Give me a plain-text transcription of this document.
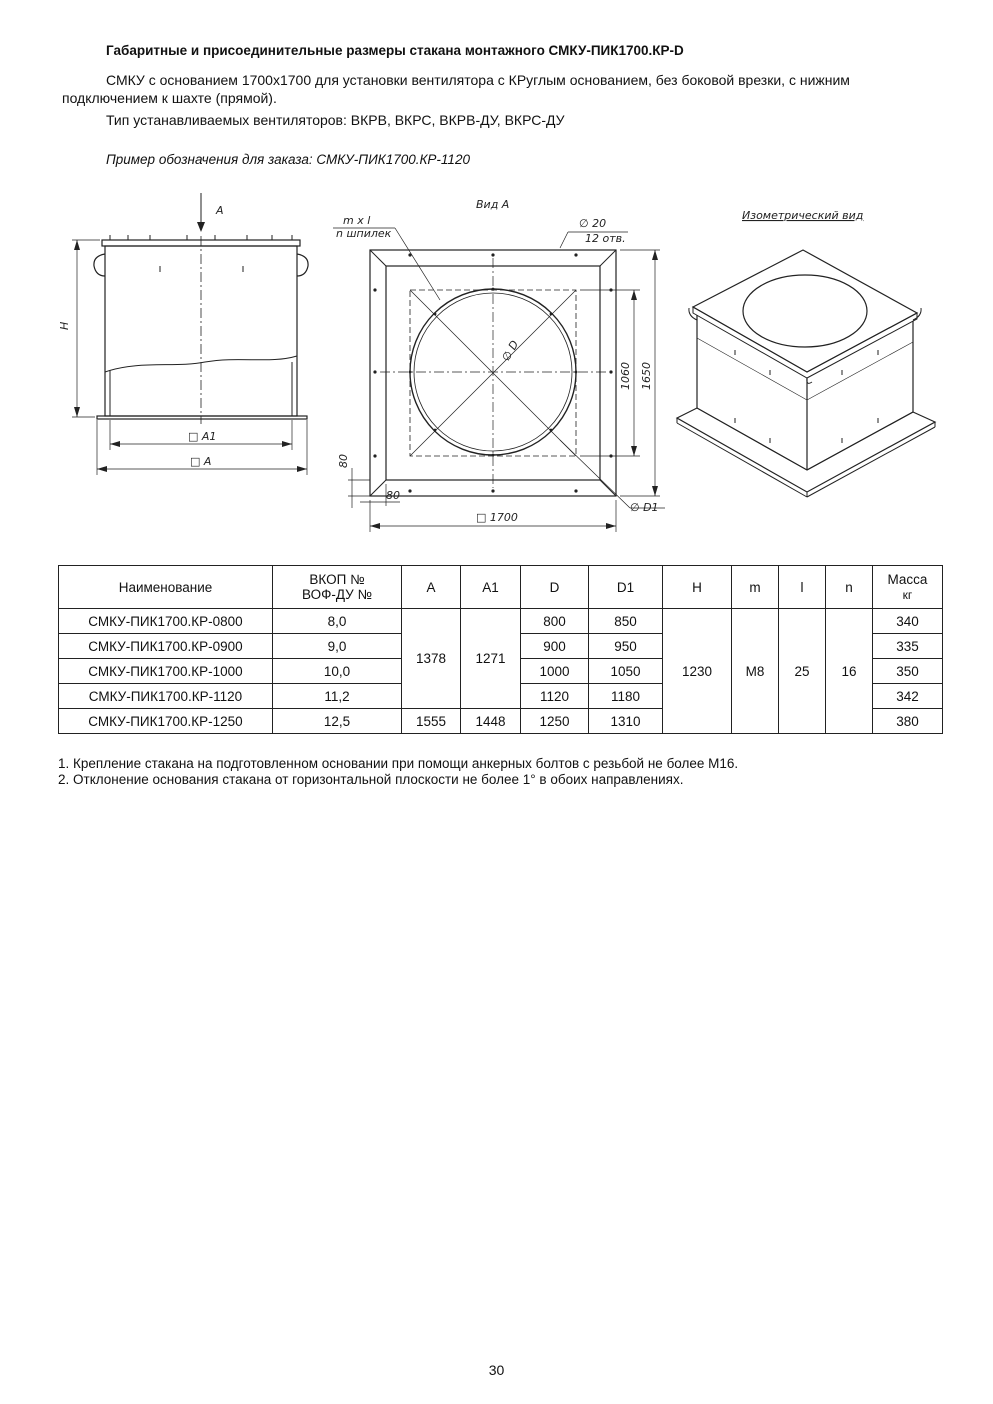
Габаритные и присоединительные размеры стакана монтажного СМКУ-ПИК1700.КР-D

СМКУ с основанием 1700х1700 для установки вентилятора с КРуглым основанием, без боковой врезки, с нижним подключением к шахте (прямой).

Тип устанавливаемых вентиляторов: ВКРВ, ВКРС, ВКРВ-ДУ, ВКРС-ДУ

Пример обозначения для заказа: СМКУ-ПИК1700.КР-1120

A
H
□ A1
□ A
Вид А
m x l
n шпилек
∅ 20
12 отв.
∅ D
1060 1650
80
80
□ 1700
∅ D1
Изометрический вид
Наименование	ВКОП №
ВОФ-ДУ №	A	A1	D	D1	H	m	l	n	Масса
кг
СМКУ-ПИК1700.КР-0800	8,0	1378	1271	800	850	1230	M8	25	16	340
СМКУ-ПИК1700.КР-0900	9,0			900	950					335
СМКУ-ПИК1700.КР-1000	10,0			1000	1050					350
СМКУ-ПИК1700.КР-1120	11,2			1120	1180					342
СМКУ-ПИК1700.КР-1250	12,5	1555	1448	1250	1310					380
1. Крепление стакана на подготовленном основании при помощи анкерных болтов с резьбой не более М16.
2. Отклонение основания стакана от горизонтальной плоскости не более 1° в обоих направлениях.

30
